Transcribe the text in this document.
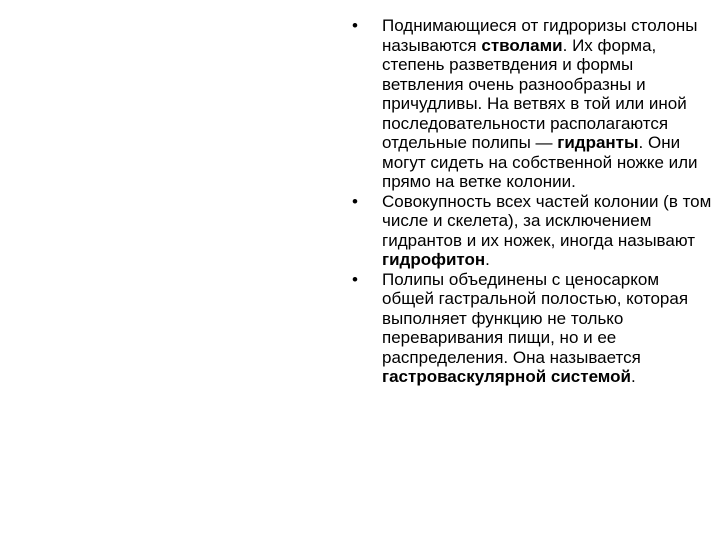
•	Поднимающиеся от гидроризы столоны называются стволами. Их форма, степень разветвдения и формы ветвления очень разнообразны и причудливы. На ветвях в той или иной последовательности располагаются отдельные полипы — гидранты. Они могут сидеть на собственной ножке или прямо на ветке колонии.
•	Совокупность всех частей колонии (в том числе и скелета), за исключением гидрантов и их ножек, иногда называют гидрофитон.
•	Полипы объединены с ценосарком общей гастральной полостью, которая выполняет функцию не только переваривания пищи, но и ее распределения. Она называется гастроваскулярной системой.
